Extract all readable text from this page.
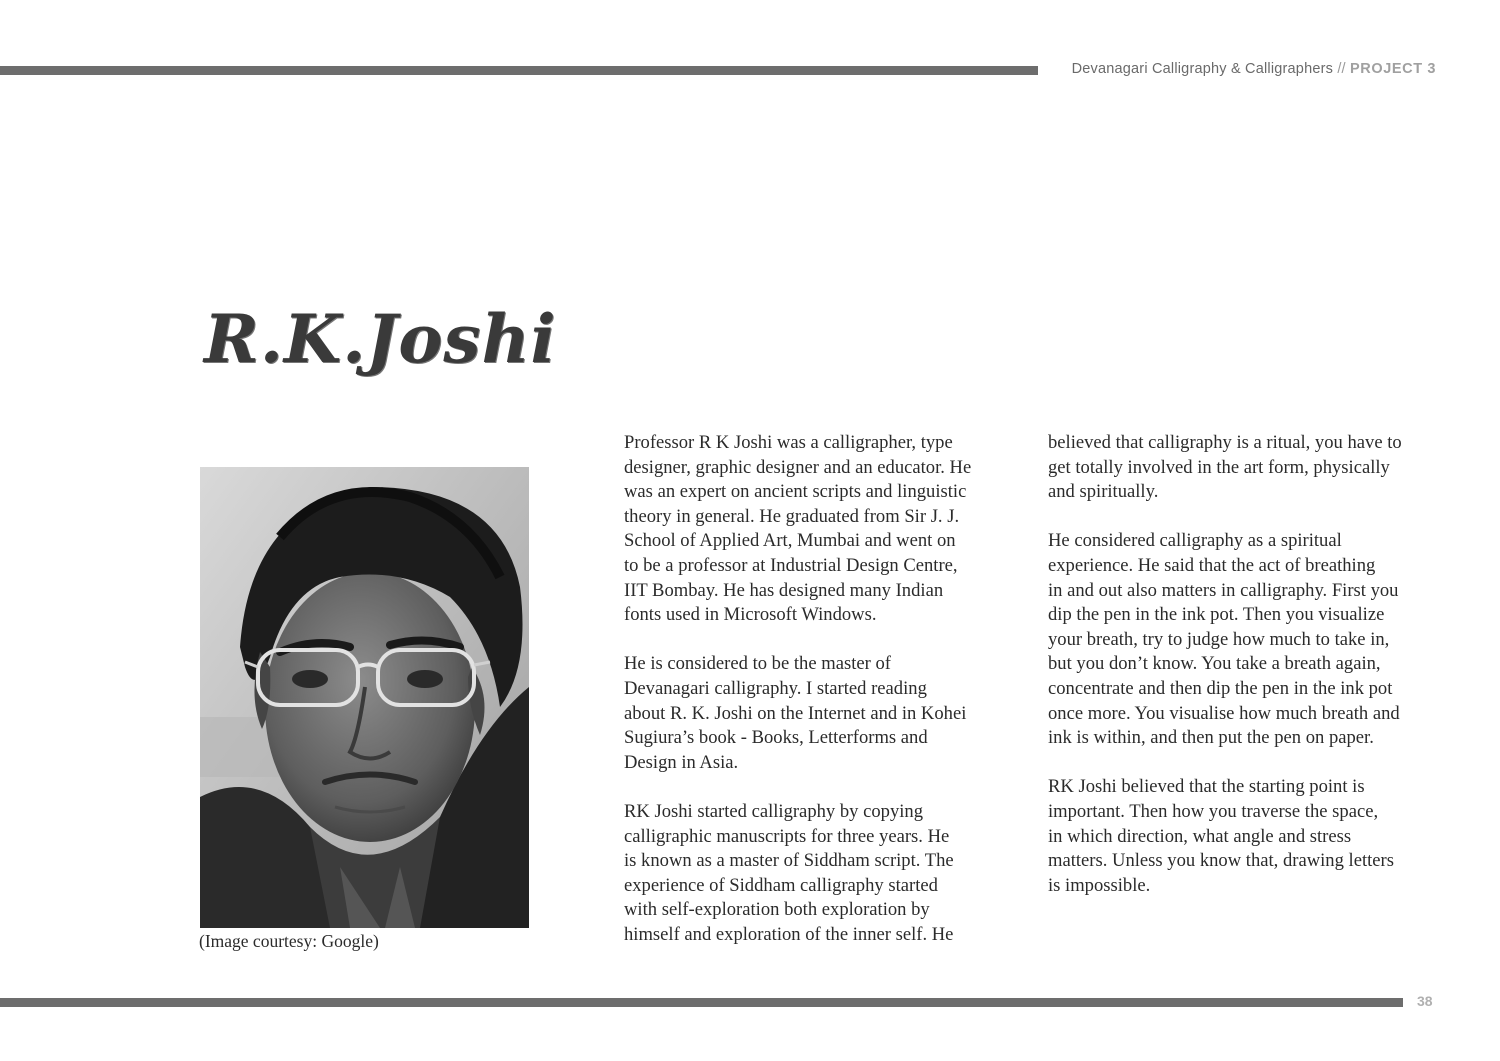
Devanagari Calligraphy & Calligraphers // PROJECT 3
R.K.Joshi
(Image courtesy: Google)

Professor R K Joshi was a calligrapher, type
designer, graphic designer and an educator. He
was an expert on ancient scripts and linguistic
theory in general. He graduated from Sir J. J.
School of Applied Art, Mumbai and went on
to be a professor at Industrial Design Centre,
IIT Bombay. He has designed many Indian
fonts used in Microsoft Windows.

He is considered to be the master of
Devanagari calligraphy. I started reading
about R. K. Joshi on the Internet and in Kohei
Sugiura’s book - Books, Letterforms and
Design in Asia.

RK Joshi started calligraphy by copying
calligraphic manuscripts for three years. He
is known as a master of Siddham script. The
experience of Siddham calligraphy started
with self-exploration both exploration by
himself and exploration of the inner self. He

believed that calligraphy is a ritual, you have to
get totally involved in the art form, physically
and spiritually.

He considered calligraphy as a spiritual
experience. He said that the act of breathing
in and out also matters in calligraphy. First you
dip the pen in the ink pot. Then you visualize
your breath, try to judge how much to take in,
but you don’t know. You take a breath again,
concentrate and then dip the pen in the ink pot
once more. You visualise how much breath and
ink is within, and then put the pen on paper.

RK Joshi believed that the starting point is
important. Then how you traverse the space,
in which direction, what angle and stress
matters. Unless you know that, drawing letters
is impossible.

38
